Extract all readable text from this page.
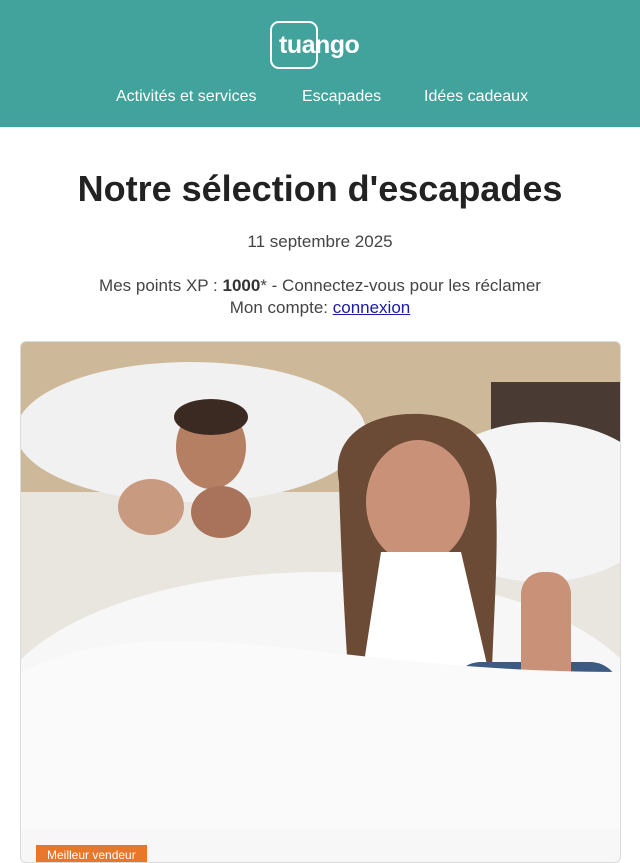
tuango
Activités et services	Escapades	Idées cadeaux
Notre sélection d'escapades
11 septembre 2025
Mes points XP : 1000* - Connectez-vous pour les réclamer
Mon compte: connexion
Meilleur vendeur
